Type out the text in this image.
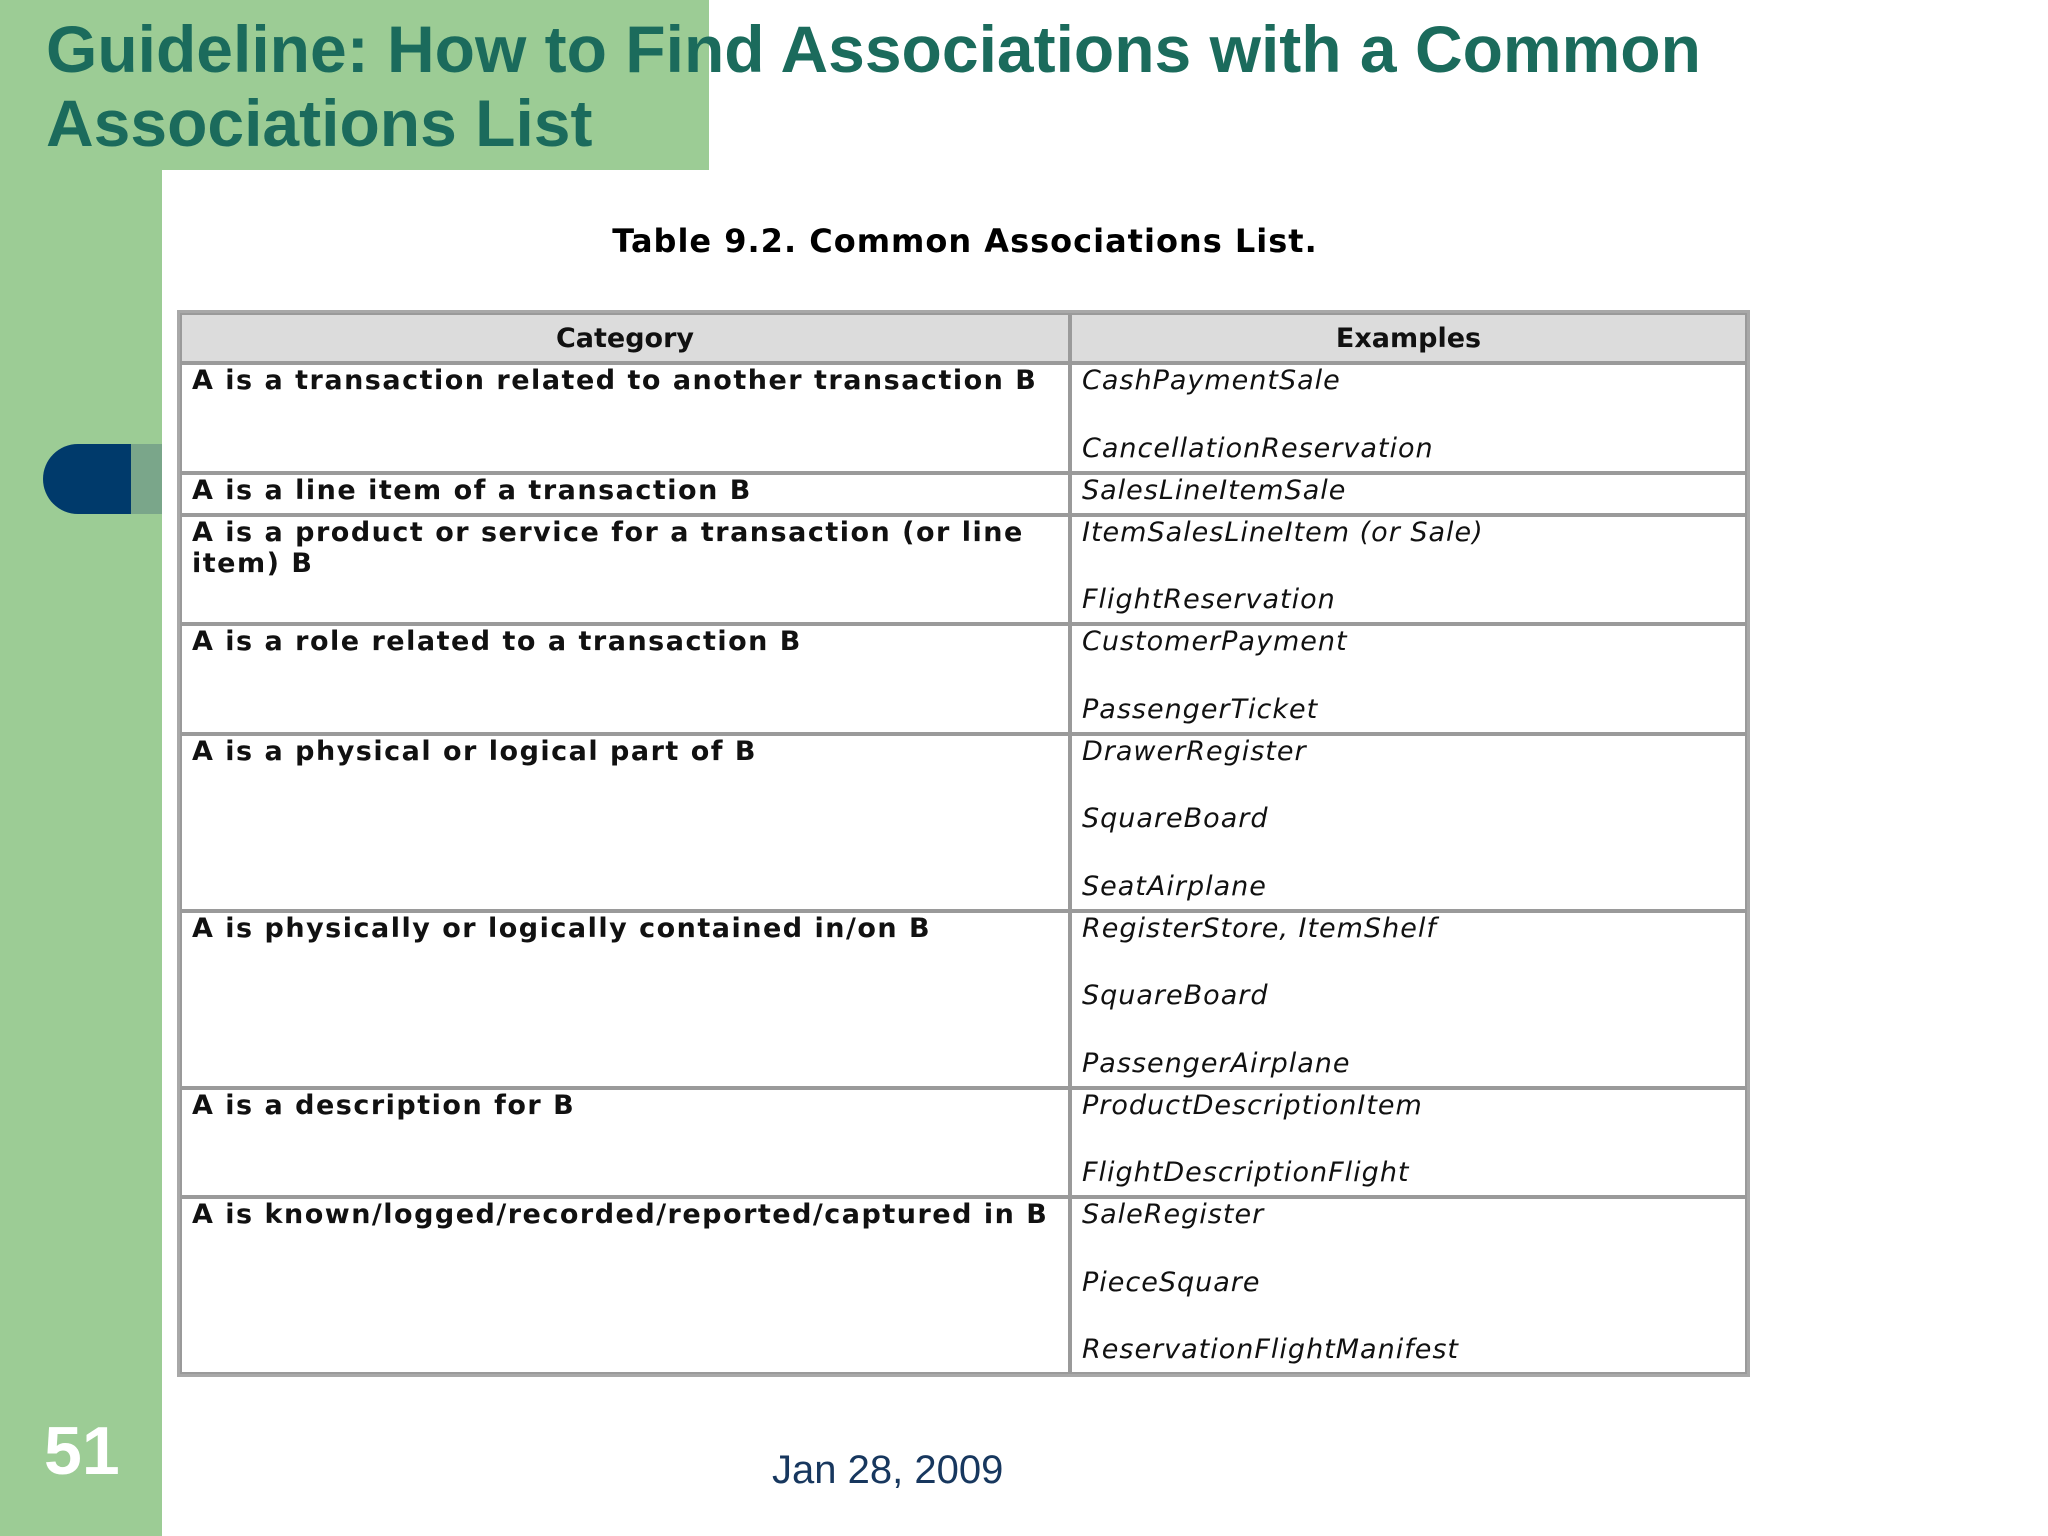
Guideline: How to Find Associations with a Common
Associations List
Table 9.2. Common Associations List.
Category	Examples
A is a transaction related to another transaction B	CashPaymentSale
CancellationReservation

A is a line item of a transaction B	SalesLineItemSale

A is a product or service for a transaction (or line item) B	ItemSalesLineItem (or Sale)
FlightReservation

A is a role related to a transaction B	CustomerPayment
PassengerTicket

A is a physical or logical part of B	DrawerRegister
SquareBoard
SeatAirplane

A is physically or logically contained in/on B	RegisterStore, ItemShelf
SquareBoard
PassengerAirplane

A is a description for B	ProductDescriptionItem
FlightDescriptionFlight

A is known/logged/recorded/reported/captured in B	SaleRegister
PieceSquare
ReservationFlightManifest
51	Jan 28, 2009
